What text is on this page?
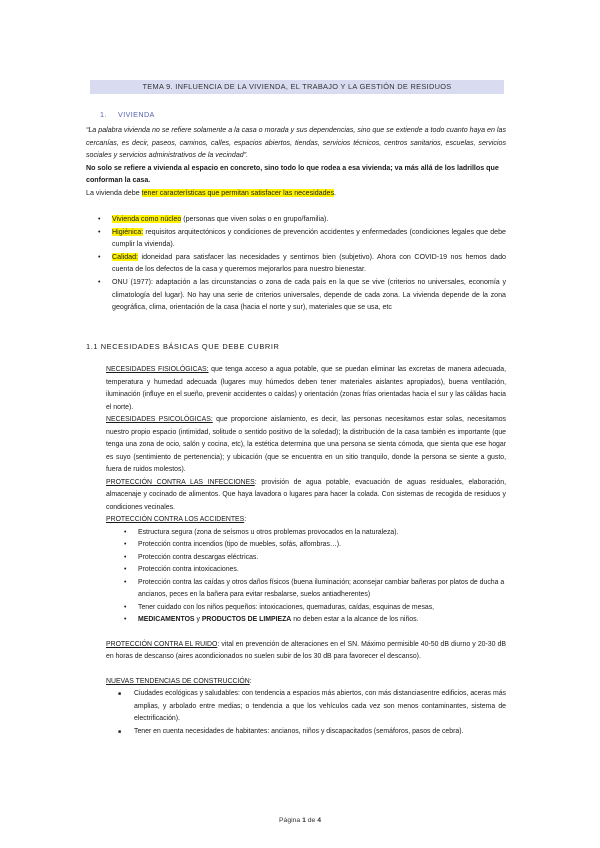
TEMA 9. INFLUENCIA DE LA VIVIENDA, EL TRABAJO Y LA GESTIÓN DE RESIDUOS
1. VIVIENDA

“La palabra vivienda no se refiere solamente a la casa o morada y sus dependencias, sino que se extiende a todo cuanto haya en las cercanías, es decir, paseos, caminos, calles, espacios abiertos, tiendas, servicios técnicos, centros sanitarios, escuelas, servicios sociales y servicios administrativos de la vecindad”.

No solo se refiere a vivienda al espacio en concreto, sino todo lo que rodea a esa vivienda; va más allá de los ladrillos que conforman la casa.

La vivienda debe tener características que permitan satisfacer las necesidades.

• Vivienda como núcleo (personas que viven solas o en grupo/familia).
• Higiénica: requisitos arquitectónicos y condiciones de prevención accidentes y enfermedades (condiciones legales que debe cumplir la vivienda).
• Calidad: idoneidad para satisfacer las necesidades y sentirnos bien (subjetivo). Ahora con COVID-19 nos hemos dado cuenta de los defectos de la casa y queremos mejorarlos para nuestro bienestar.
• ONU (1977): adaptación a las circunstancias o zona de cada país en la que se vive (criterios no universales, economía y climatología del lugar). No hay una serie de criterios universales, depende de cada zona. La vivienda depende de la zona geográfica, clima, orientación de la casa (hacia el norte y sur), materiales que se usa, etc
1.1 NECESIDADES BÁSICAS QUE DEBE CUBRIR

NECESIDADES FISIOLÓGICAS: que tenga acceso a agua potable, que se puedan eliminar las excretas de manera adecuada, temperatura y humedad adecuada (lugares muy húmedos deben tener materiales aislantes apropiados), buena ventilación, iluminación (influye en el sueño, prevenir accidentes o caídas) y orientación (zonas frías orientadas hacia el sur y las cálidas hacia el norte).

NECESIDADES PSICOLÓGICAS: que proporcione aislamiento, es decir, las personas necesitamos estar solas, necesitamos nuestro propio espacio (intimidad, solitude o sentido positivo de la soledad); la distribución de la casa también es importante (que tenga una zona de ocio, salón y cocina, etc), la estética determina que una persona se sienta cómoda, que sienta que ese hogar es suyo (sentimiento de pertenencia); y ubicación (que se encuentra en un sitio tranquilo, donde la persona se siente a gusto, fuera de ruidos molestos).

PROTECCIÓN CONTRA LAS INFECCIONES: provisión de agua potable, evacuación de aguas residuales, elaboración, almacenaje y cocinado de alimentos. Que haya lavadora o lugares para hacer la colada. Con sistemas de recogida de residuos y condiciones vecinales.

PROTECCIÓN CONTRA LOS ACCIDENTES:

• Estructura segura (zona de seísmos u otros problemas provocados en la naturaleza).
• Protección contra incendios (tipo de muebles, sofás, alfombras…).
• Protección contra descargas eléctricas.
• Protección contra intoxicaciones.
• Protección contra las caídas y otros daños físicos (buena iluminación; aconsejar cambiar bañeras por platos de ducha a ancianos, peces en la bañera para evitar resbalarse, suelos antiadherentes)
• Tener cuidado con los niños pequeños: intoxicaciones, quemaduras, caídas, esquinas de mesas,
• MEDICAMENTOS y PRODUCTOS DE LIMPIEZA no deben estar a la alcance de los niños.

PROTECCIÓN CONTRA EL RUIDO: vital en prevención de alteraciones en el SN. Máximo permisible 40-50 dB diurno y 20-30 dB en horas de descanso (aires acondicionados no suelen subir de los 30 dB para favorecer el descanso).

NUEVAS TENDENCIAS DE CONSTRUCCIÓN:

■ Ciudades ecológicas y saludables: con tendencia a espacios más abiertos, con más distanciasentre edificios, aceras más amplias, y arbolado entre medias; o tendencia a que los vehículos cada vez son menos contaminantes, sistema de electrificación).
■ Tener en cuenta necesidades de habitantes: ancianos, niños y discapacitados (semáforos, pasos de cebra).
Página 1 de 4
